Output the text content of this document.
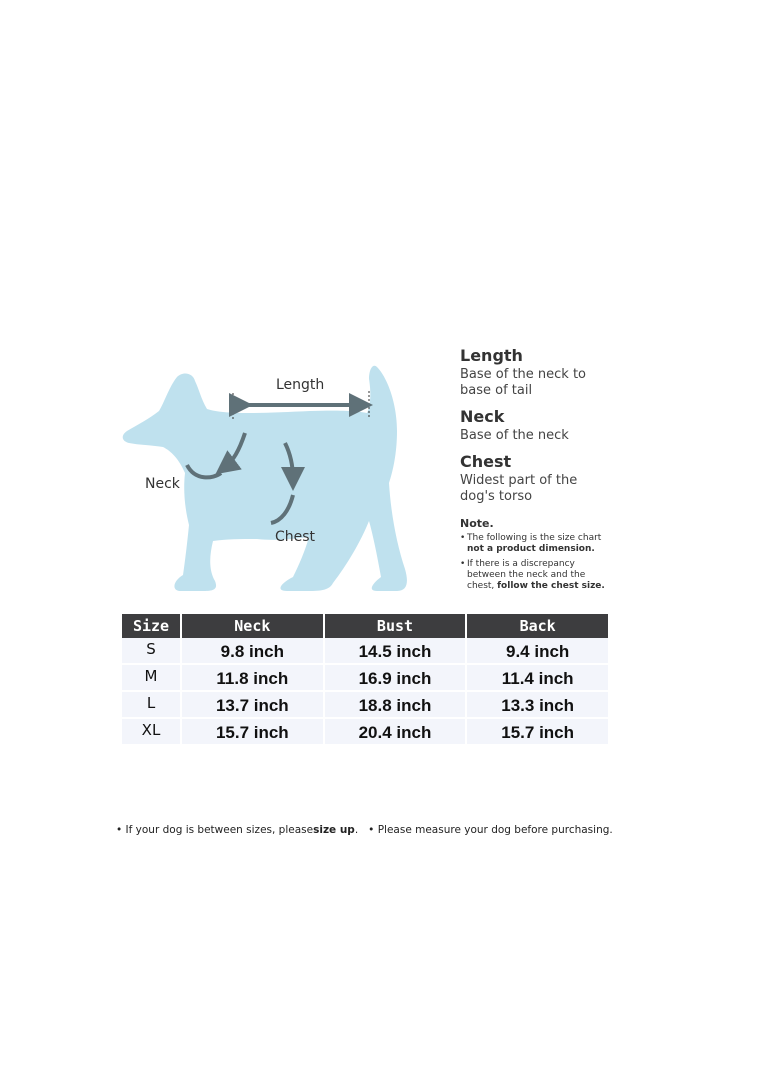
Length
Neck
Chest
Length

Base of the neck to
base of tail

Neck

Base of the neck

Chest

Widest part of the
dog's torso

Note.
• The following is the size chart
not a product dimension.
• If there is a discrepancy
between the neck and the
chest, follow the chest size.
Size	Neck	Bust	Back
S	9.8 inch	14.5 inch	9.4 inch
M	11.8 inch	16.9 inch	11.4 inch
L	13.7 inch	18.8 inch	13.3 inch
XL	15.7 inch	20.4 inch	15.7 inch
• If your dog is between sizes, pleasesize up. • Please measure your dog before purchasing.
